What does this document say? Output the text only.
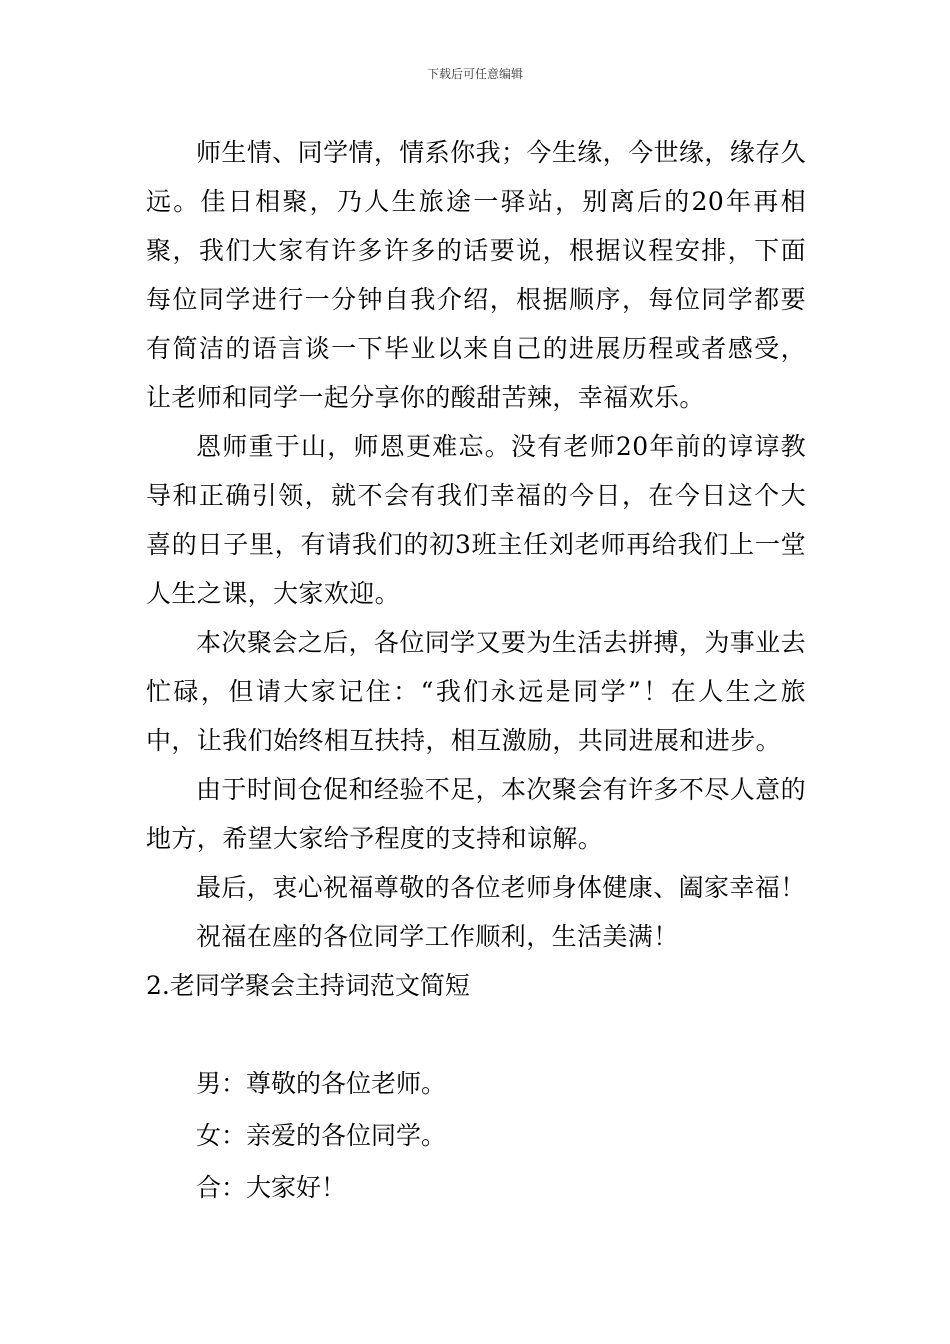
下载后可任意编辑

师生情、同学情，情系你我；今生缘，今世缘，缘存久远。佳日相聚，乃人生旅途一驿站，别离后的20年再相聚，我们大家有许多许多的话要说，根据议程安排，下面每位同学进行一分钟自我介绍，根据顺序，每位同学都要有简洁的语言谈一下毕业以来自己的进展历程或者感受，让老师和同学一起分享你的酸甜苦辣，幸福欢乐。

恩师重于山，师恩更难忘。没有老师20年前的谆谆教导和正确引领，就不会有我们幸福的今日，在今日这个大喜的日子里，有请我们的初3班主任刘老师再给我们上一堂人生之课，大家欢迎。

本次聚会之后，各位同学又要为生活去拼搏，为事业去忙碌，但请大家记住：“我们永远是同学”！在人生之旅中，让我们始终相互扶持，相互激励，共同进展和进步。

由于时间仓促和经验不足，本次聚会有许多不尽人意的地方，希望大家给予程度的支持和谅解。

最后，衷心祝福尊敬的各位老师身体健康、阖家幸福！

祝福在座的各位同学工作顺利，生活美满！

2.老同学聚会主持词范文简短

男：尊敬的各位老师。

女：亲爱的各位同学。

合：大家好！
